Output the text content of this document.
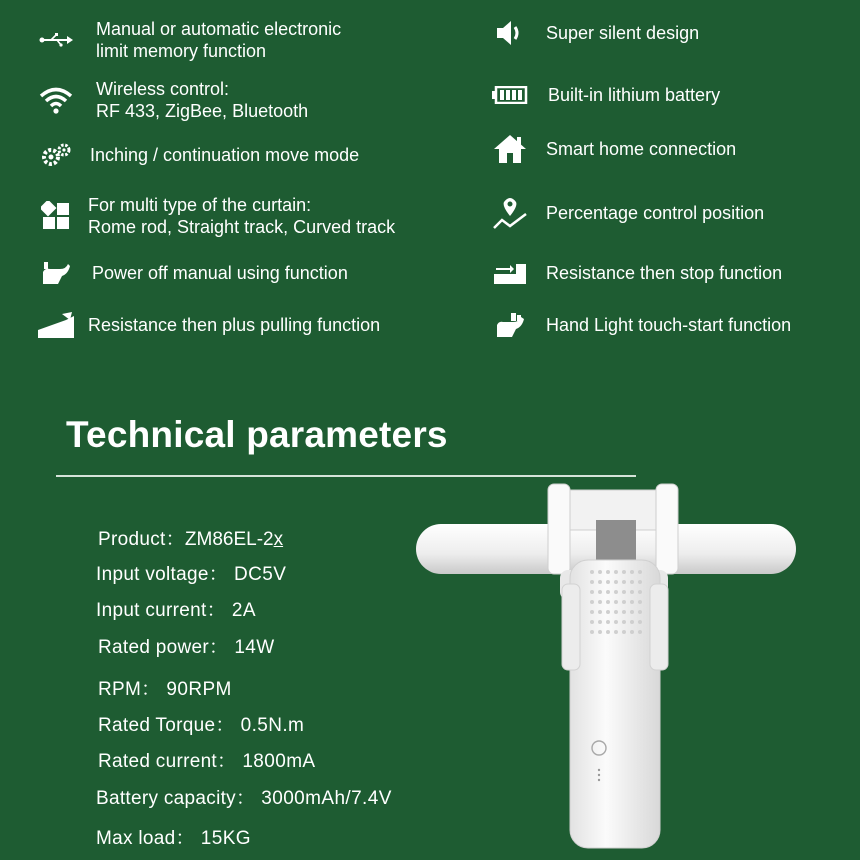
Manual or automatic electronic
limit memory function
Wireless control:
RF 433, ZigBee, Bluetooth
Inching / continuation move mode
For multi type of the curtain:
Rome rod, Straight track, Curved track
Power off manual using function
Resistance then plus pulling function
Super silent design
Built-in lithium battery
Smart home connection
Percentage control position
Resistance then stop function
Hand Light touch-start function
Technical parameters
Product：ZM86EL-2x
Input voltage： DC5V
Input current： 2A
Rated power： 14W
RPM： 90RPM
Rated Torque： 0.5N.m
Rated current： 1800mA
Battery capacity： 3000mAh/7.4V
Max load： 15KG
